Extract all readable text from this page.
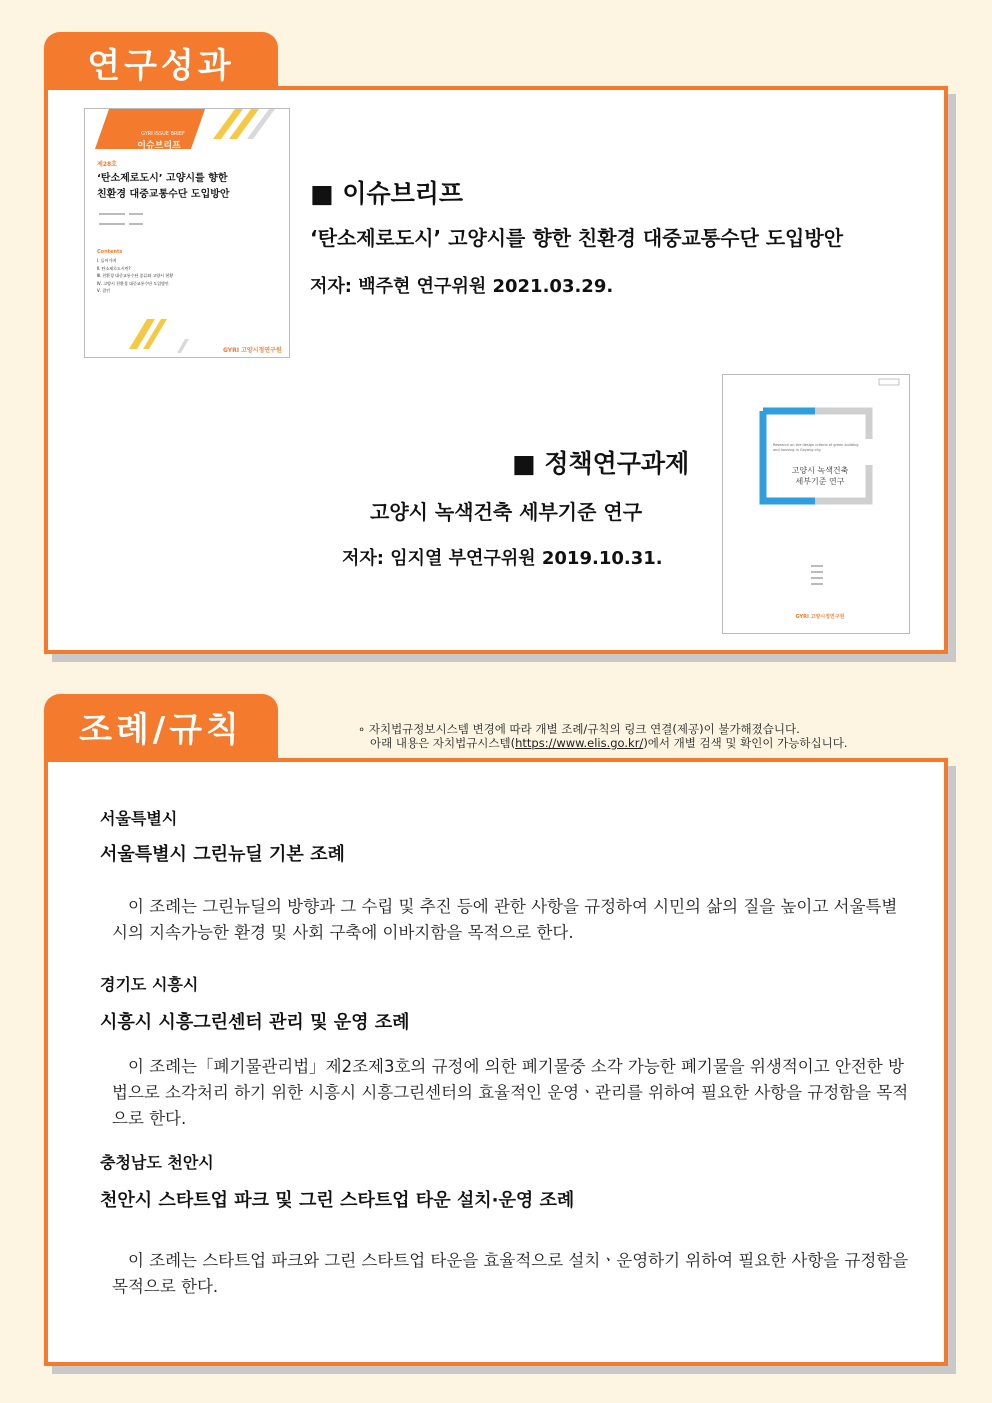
연구성과
GYRI ISSUE BRIEF
이슈브리프
제28호
‘탄소제로도시’ 고양시를 향한
친환경 대중교통수단 도입방안
Contents
Ⅰ. 들어가며
Ⅱ. 탄소제로도시란?
Ⅲ. 친환경 대중교통수단 종류와 고양시 현황
Ⅳ. 고양시 친환경 대중교통수단 도입방안
Ⅴ. 결언
GYRI 고양시정연구원
■ 이슈브리프
‘탄소제로도시’ 고양시를 향한 친환경 대중교통수단 도입방안
저자: 백주현 연구위원 2021.03.29.
■ 정책연구과제
고양시 녹색건축 세부기준 연구
저자: 임지열 부연구위원 2019.10.31.
Research on the design criteria of green building and housing in Goyang city
고양시 녹색건축
세부기준 연구
GYRI 고양시정연구원
조례/규칙	∘ 자치법규정보시스템 변경에 따라 개별 조례/규칙의 링크 연결(제공)이 불가해졌습니다.
아래 내용은 자치법규시스템(https://www.elis.go.kr/)에서 개별 검색 및 확인이 가능하십니다.
서울특별시
서울특별시 그린뉴딜 기본 조례
이 조례는 그린뉴딜의 방향과 그 수립 및 추진 등에 관한 사항을 규정하여 시민의 삶의 질을 높이고 서울특별시의 지속가능한 환경 및 사회 구축에 이바지함을 목적으로 한다.
경기도 시흥시
시흥시 시흥그린센터 관리 및 운영 조례
이 조례는「폐기물관리법」제2조제3호의 규정에 의한 폐기물중 소각 가능한 폐기물을 위생적이고 안전한 방법으로 소각처리 하기 위한 시흥시 시흥그린센터의 효율적인 운영ㆍ관리를 위하여 필요한 사항을 규정함을 목적으로 한다.
충청남도 천안시
천안시 스타트업 파크 및 그린 스타트업 타운 설치·운영 조례
이 조례는 스타트업 파크와 그린 스타트업 타운을 효율적으로 설치ㆍ운영하기 위하여 필요한 사항을 규정함을 목적으로 한다.
